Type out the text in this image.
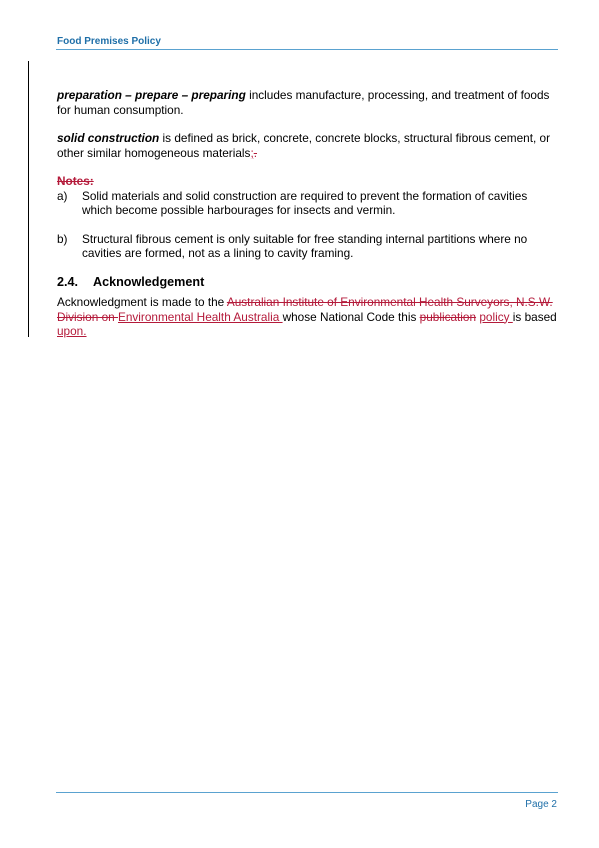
Food Premises Policy

preparation – prepare – preparing includes manufacture, processing, and treatment of foods for human consumption.

solid construction is defined as brick, concrete, concrete blocks, structural fibrous cement, or other similar homogeneous materials;.

Notes:

a)	Solid materials and solid construction are required to prevent the formation of cavities which become possible harbourages for insects and vermin.
b)	Structural fibrous cement is only suitable for free standing internal partitions where no cavities are formed, not as a lining to cavity framing.
2.4.	Acknowledgement

Acknowledgment is made to the Australian Institute of Environmental Health Surveyors, N.S.W. Division on Environmental Health Australia whose National Code this publication policy is based upon.

Page 2
